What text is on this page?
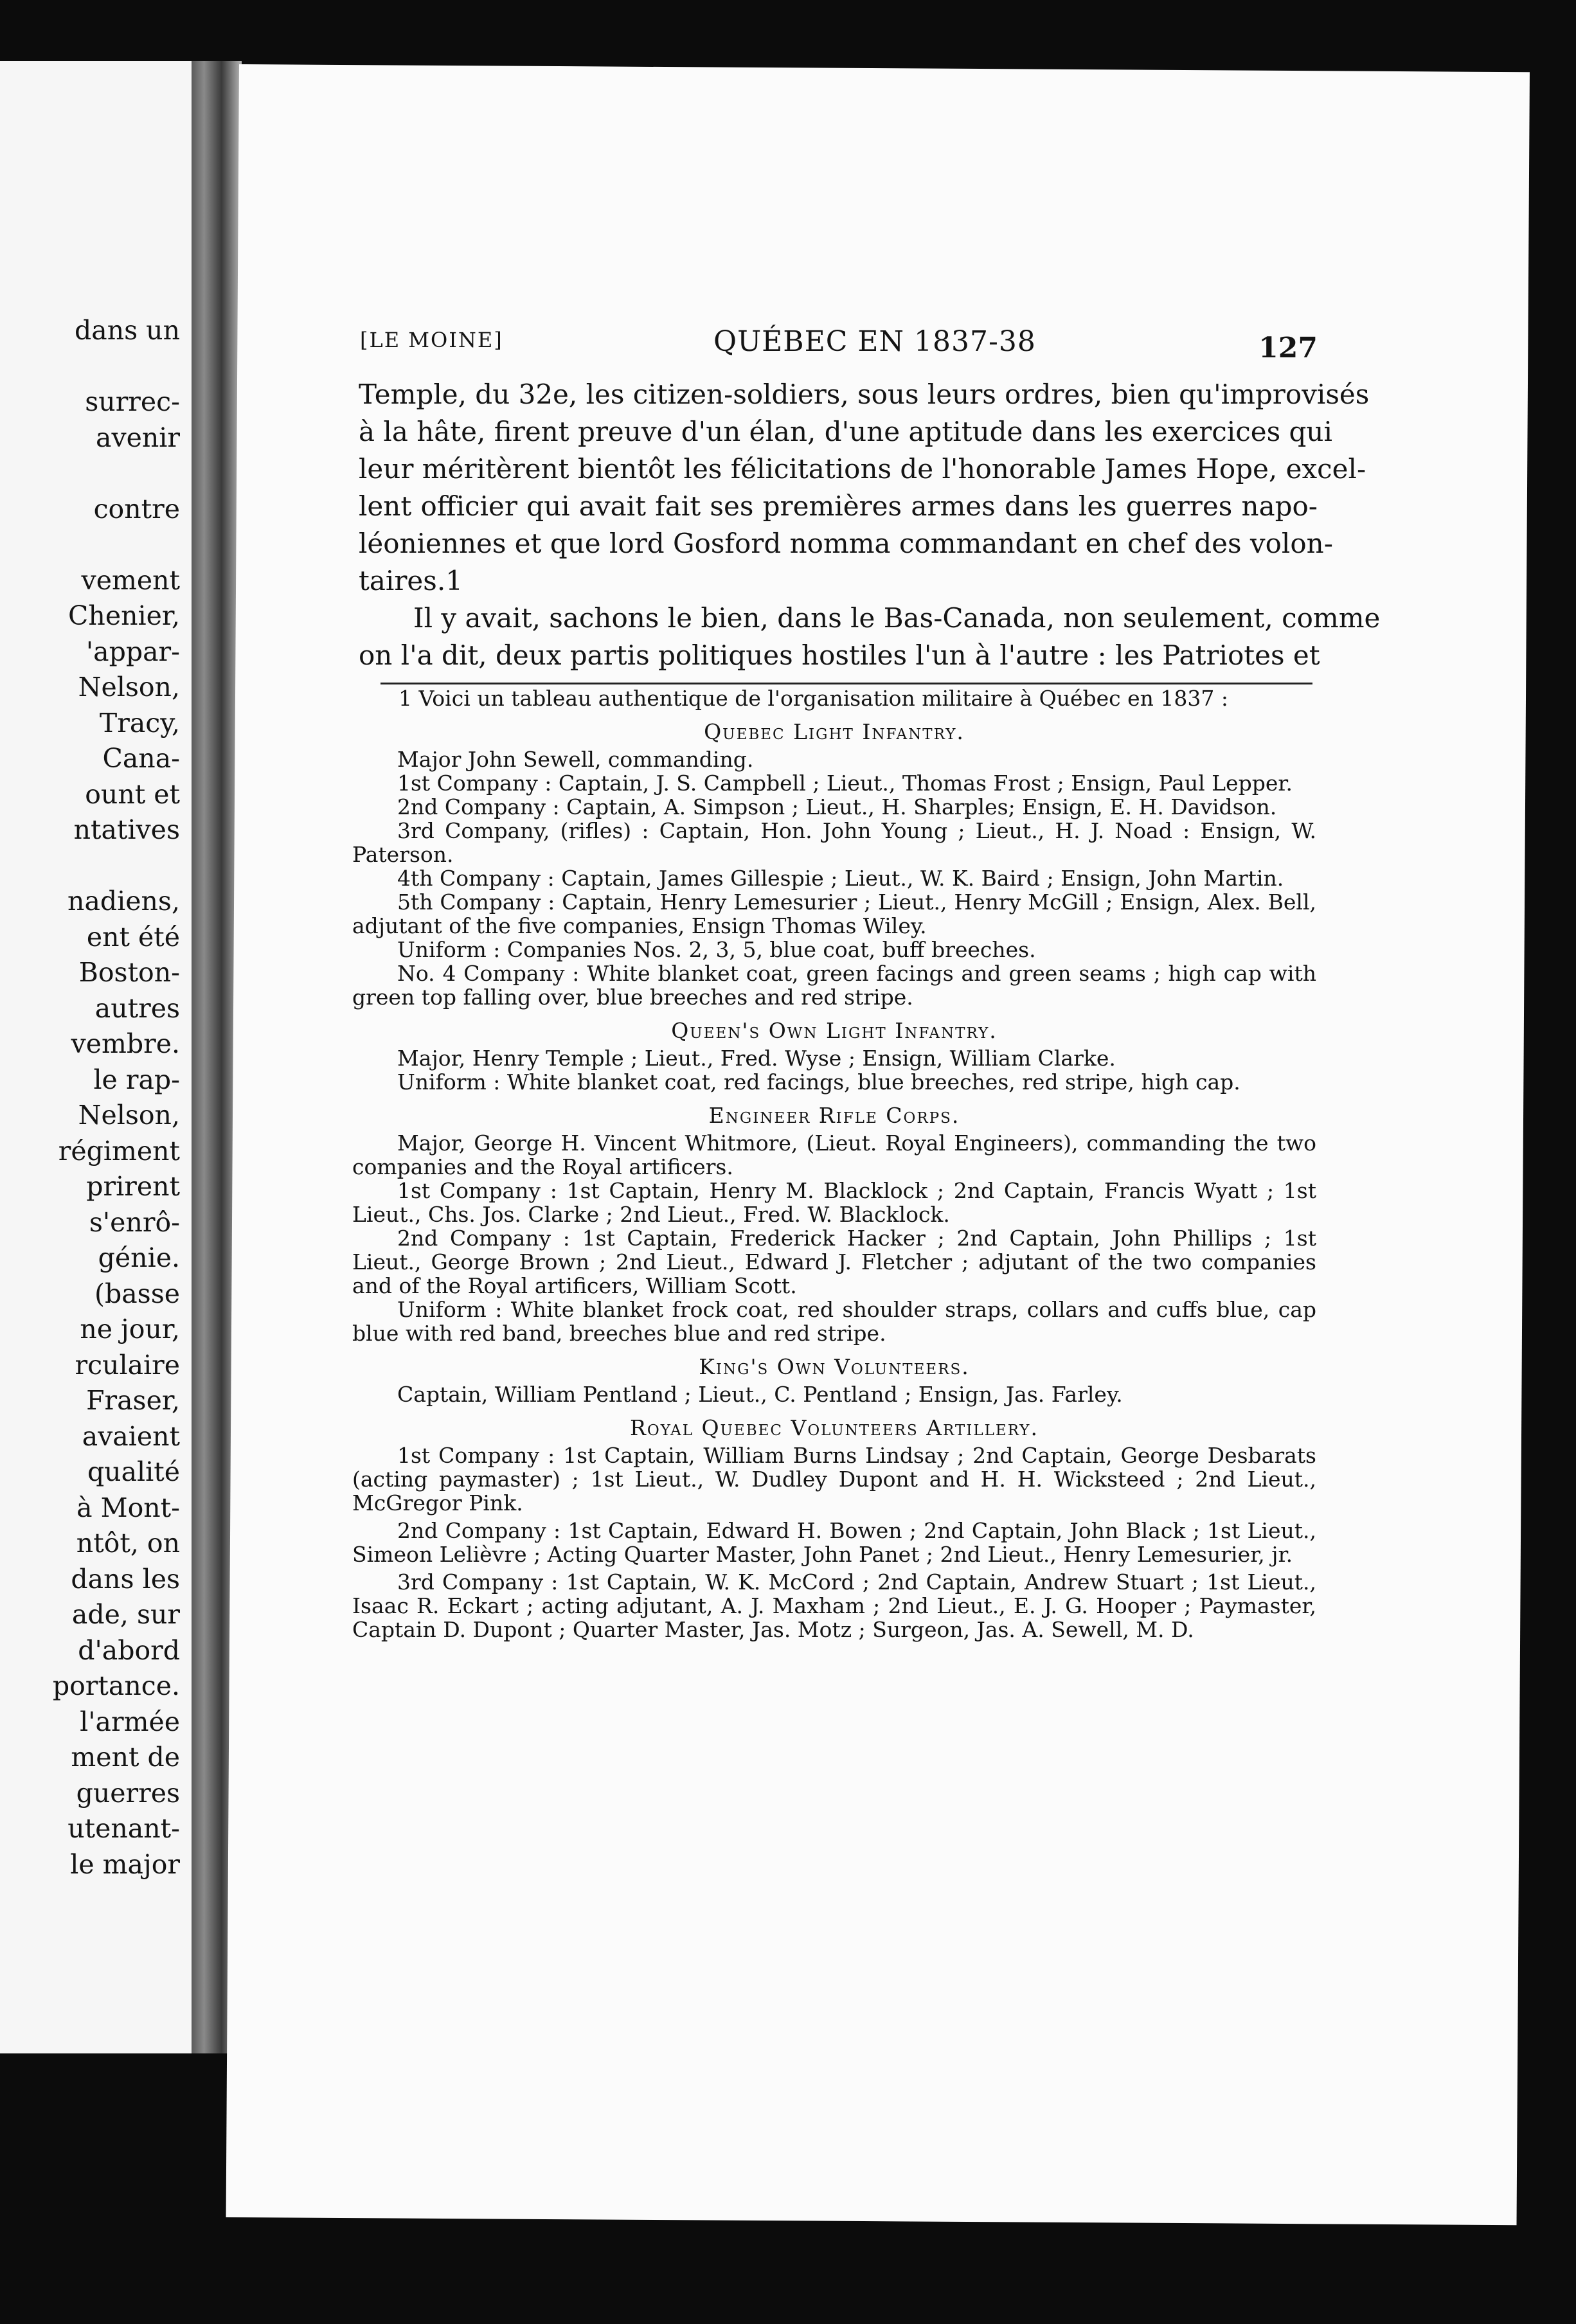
dans un
surrec-
avenir
contre
vement
Chenier,
'appar-
Nelson,
Tracy,
Cana-
ount et
ntatives
nadiens,
ent été
Boston-
autres
vembre.
le rap-
Nelson,
régiment
prirent
s'enrô-
génie.
(basse
ne jour,
rculaire
Fraser,
avaient
qualité
à Mont-
ntôt, on
dans les
ade, sur
d'abord
portance.
l'armée
ment de
guerres
utenant-
le major
[LE MOINE]	QUÉBEC EN 1837-38	127
Temple, du 32e, les citizen-soldiers, sous leurs ordres, bien qu'improvisés
à la hâte, firent preuve d'un élan, d'une aptitude dans les exercices qui
leur méritèrent bientôt les félicitations de l'honorable James Hope, excel-
lent officier qui avait fait ses premières armes dans les guerres napo-
léoniennes et que lord Gosford nomma commandant en chef des volon-
taires.1
Il y avait, sachons le bien, dans le Bas-Canada, non seulement, comme
on l'a dit, deux partis politiques hostiles l'un à l'autre : les Patriotes et
1 Voici un tableau authentique de l'organisation militaire à Québec en 1837 :
Quebec Light Infantry.
Major John Sewell, commanding.
1st Company : Captain, J. S. Campbell ; Lieut., Thomas Frost ; Ensign, Paul Lepper.
2nd Company : Captain, A. Simpson ; Lieut., H. Sharples; Ensign, E. H. Davidson.
3rd Company, (rifles) : Captain, Hon. John Young ; Lieut., H. J. Noad : Ensign, W. Paterson.
4th Company : Captain, James Gillespie ; Lieut., W. K. Baird ; Ensign, John Martin.
5th Company : Captain, Henry Lemesurier ; Lieut., Henry McGill ; Ensign, Alex. Bell, adjutant of the five companies, Ensign Thomas Wiley.
Uniform : Companies Nos. 2, 3, 5, blue coat, buff breeches.
No. 4 Company : White blanket coat, green facings and green seams ; high cap with green top falling over, blue breeches and red stripe.
Queen's Own Light Infantry.
Major, Henry Temple ; Lieut., Fred. Wyse ; Ensign, William Clarke.
Uniform : White blanket coat, red facings, blue breeches, red stripe, high cap.
Engineer Rifle Corps.
Major, George H. Vincent Whitmore, (Lieut. Royal Engineers), commanding the two companies and the Royal artificers.
1st Company : 1st Captain, Henry M. Blacklock ; 2nd Captain, Francis Wyatt ; 1st Lieut., Chs. Jos. Clarke ; 2nd Lieut., Fred. W. Blacklock.
2nd Company : 1st Captain, Frederick Hacker ; 2nd Captain, John Phillips ; 1st Lieut., George Brown ; 2nd Lieut., Edward J. Fletcher ; adjutant of the two companies and of the Royal artificers, William Scott.
Uniform : White blanket frock coat, red shoulder straps, collars and cuffs blue, cap blue with red band, breeches blue and red stripe.
King's Own Volunteers.
Captain, William Pentland ; Lieut., C. Pentland ; Ensign, Jas. Farley.
Royal Quebec Volunteers Artillery.
1st Company : 1st Captain, William Burns Lindsay ; 2nd Captain, George Desbarats (acting paymaster) ; 1st Lieut., W. Dudley Dupont and H. H. Wicksteed ; 2nd Lieut., McGregor Pink.
2nd Company : 1st Captain, Edward H. Bowen ; 2nd Captain, John Black ; 1st Lieut., Simeon Lelièvre ; Acting Quarter Master, John Panet ; 2nd Lieut., Henry Lemesurier, jr.
3rd Company : 1st Captain, W. K. McCord ; 2nd Captain, Andrew Stuart ; 1st Lieut., Isaac R. Eckart ; acting adjutant, A. J. Maxham ; 2nd Lieut., E. J. G. Hooper ; Paymaster, Captain D. Dupont ; Quarter Master, Jas. Motz ; Surgeon, Jas. A. Sewell, M. D.
